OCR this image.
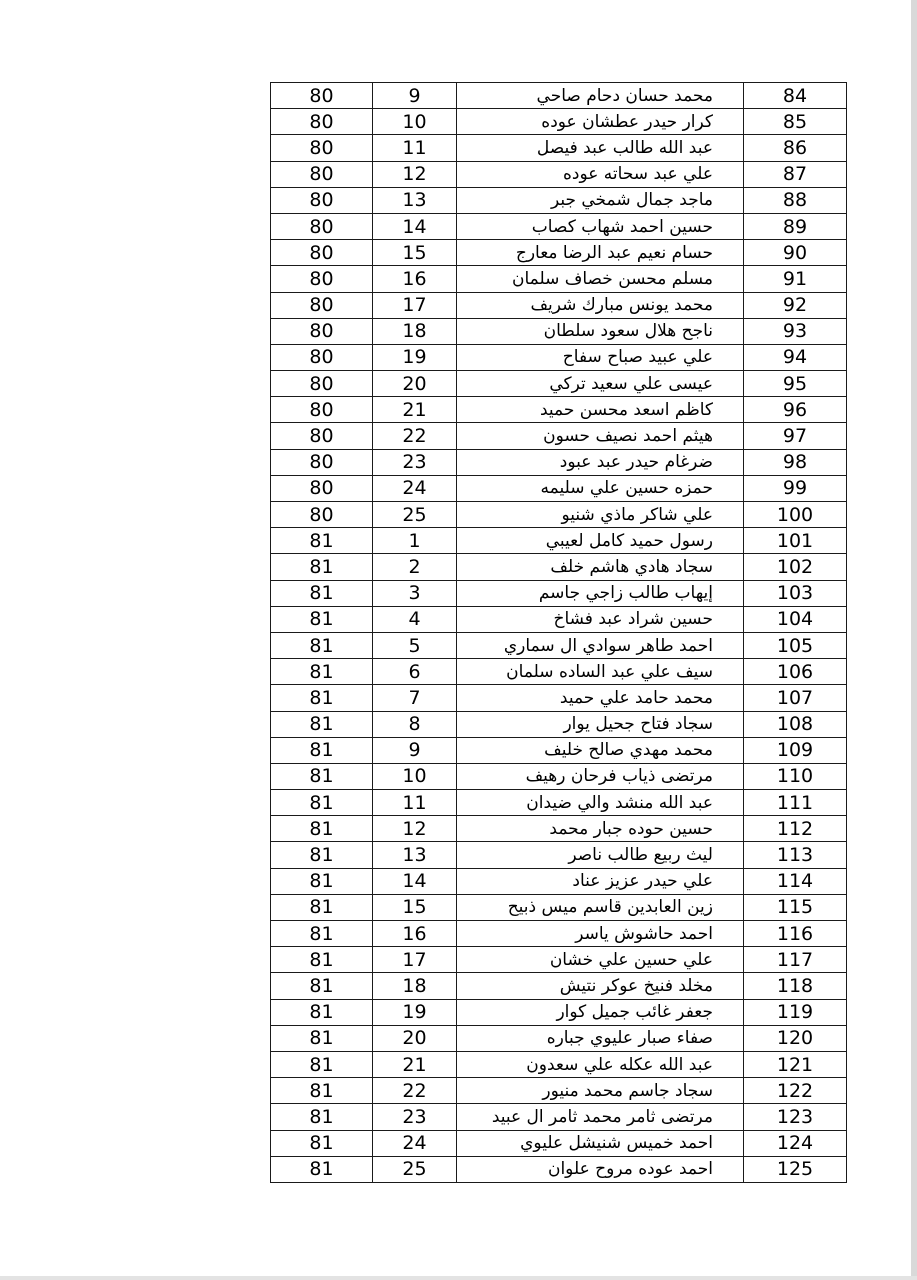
80	9	محمد حسان دحام صاحي	84
80	10	كرار حيدر عطشان عوده	85
80	11	عبد الله طالب عبد فيصل	86
80	12	علي عبد سحاته عوده	87
80	13	ماجد جمال شمخي جبر	88
80	14	حسين احمد شهاب كصاب	89
80	15	حسام نعيم عبد الرضا معارج	90
80	16	مسلم محسن خصاف سلمان	91
80	17	محمد يونس مبارك شريف	92
80	18	ناجح هلال سعود سلطان	93
80	19	علي عبيد صباح سفاح	94
80	20	عيسى علي سعيد تركي	95
80	21	كاظم اسعد محسن حميد	96
80	22	هيثم احمد نصيف حسون	97
80	23	ضرغام حيدر عبد عبود	98
80	24	حمزه حسين علي سليمه	99
80	25	علي شاكر ماذي شنيو	100
81	1	رسول حميد كامل لعيبي	101
81	2	سجاد هادي هاشم خلف	102
81	3	إيهاب طالب زاجي جاسم	103
81	4	حسين شراد عبد فشاخ	104
81	5	احمد طاهر سوادي ال سماري	105
81	6	سيف علي عبد الساده سلمان	106
81	7	محمد حامد علي حميد	107
81	8	سجاد فتاح جحيل يوار	108
81	9	محمد مهدي صالح خليف	109
81	10	مرتضى ذياب فرحان رهيف	110
81	11	عبد الله منشد والي ضيدان	111
81	12	حسين حوده جبار محمد	112
81	13	ليث ربيع طالب ناصر	113
81	14	علي حيدر عزيز عناد	114
81	15	زين العابدين قاسم ميس ذبيح	115
81	16	احمد حاشوش ياسر	116
81	17	علي حسين علي خشان	117
81	18	مخلد فنيخ عوكر نتيش	118
81	19	جعفر غائب جميل كوار	119
81	20	صفاء صبار عليوي جباره	120
81	21	عبد الله عكله علي سعدون	121
81	22	سجاد جاسم محمد منيور	122
81	23	مرتضى ثامر محمد ثامر ال عبيد	123
81	24	احمد خميس شنيشل عليوي	124
81	25	احمد عوده مروح علوان	125
